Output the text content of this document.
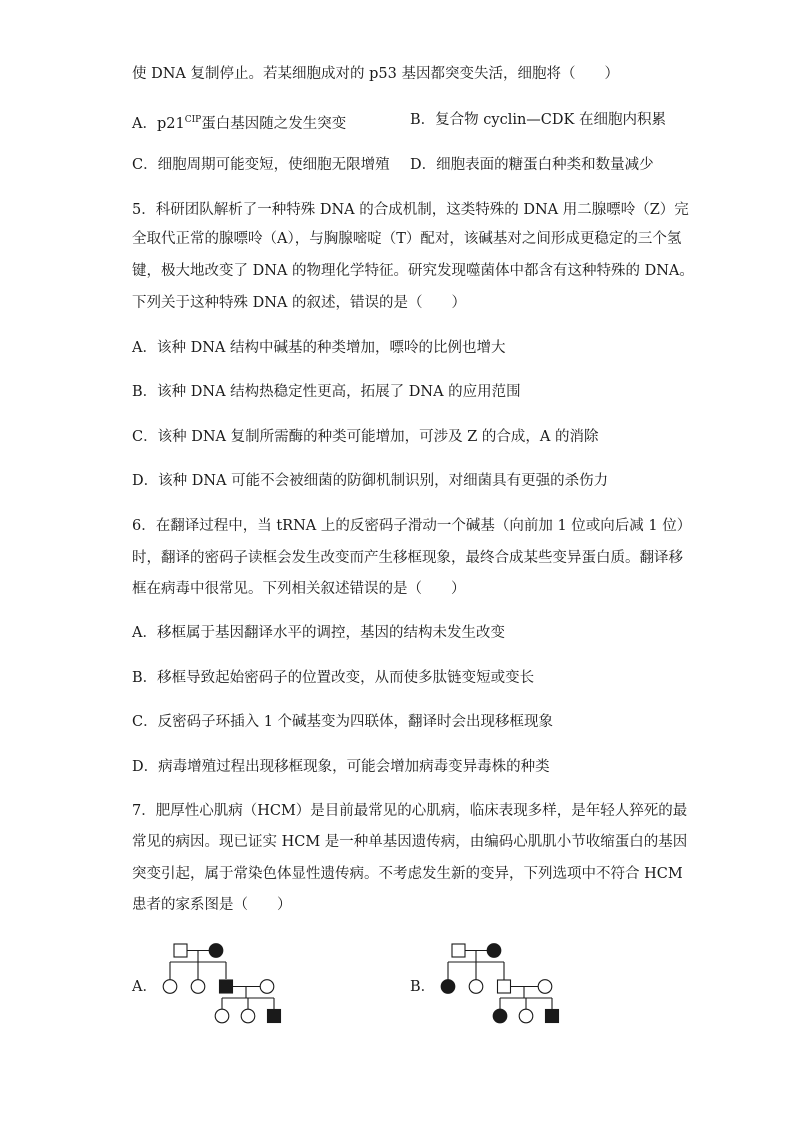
使 DNA 复制停止。若某细胞成对的 p53 基因都突变失活，细胞将（　　）
A．$p21^{CIP}$蛋白基因随之发生突变	B．复合物 cyclin—CDK 在细胞内积累
C．细胞周期可能变短，使细胞无限增殖 D．细胞表面的糖蛋白种类和数量减少
5．科研团队解析了一种特殊 DNA 的合成机制，这类特殊的 DNA 用二腺嘌呤（Z）完
全取代正常的腺嘌呤（A），与胸腺嘧啶（T）配对，该碱基对之间形成更稳定的三个氢
键，极大地改变了 DNA 的物理化学特征。研究发现噬菌体中都含有这种特殊的 DNA。
下列关于这种特殊 DNA 的叙述，错误的是（　　）
A．该种 DNA 结构中碱基的种类增加，嘌呤的比例也增大
B．该种 DNA 结构热稳定性更高，拓展了 DNA 的应用范围
C．该种 DNA 复制所需酶的种类可能增加，可涉及 Z 的合成，A 的消除
D．该种 DNA 可能不会被细菌的防御机制识别，对细菌具有更强的杀伤力
6．在翻译过程中，当 tRNA 上的反密码子滑动一个碱基（向前加 1 位或向后减 1 位）
时，翻译的密码子读框会发生改变而产生移框现象，最终合成某些变异蛋白质。翻译移
框在病毒中很常见。下列相关叙述错误的是（　　）
A．移框属于基因翻译水平的调控，基因的结构未发生改变
B．移框导致起始密码子的位置改变，从而使多肽链变短或变长
C．反密码子环插入 1 个碱基变为四联体，翻译时会出现移框现象
D．病毒增殖过程出现移框现象，可能会增加病毒变异毒株的种类
7．肥厚性心肌病（HCM）是目前最常见的心肌病，临床表现多样，是年轻人猝死的最
常见的病因。现已证实 HCM 是一种单基因遗传病，由编码心肌肌小节收缩蛋白的基因
突变引起，属于常染色体显性遗传病。不考虑发生新的变异，下列选项中不符合 HCM
患者的家系图是（　　）
A．	B．
